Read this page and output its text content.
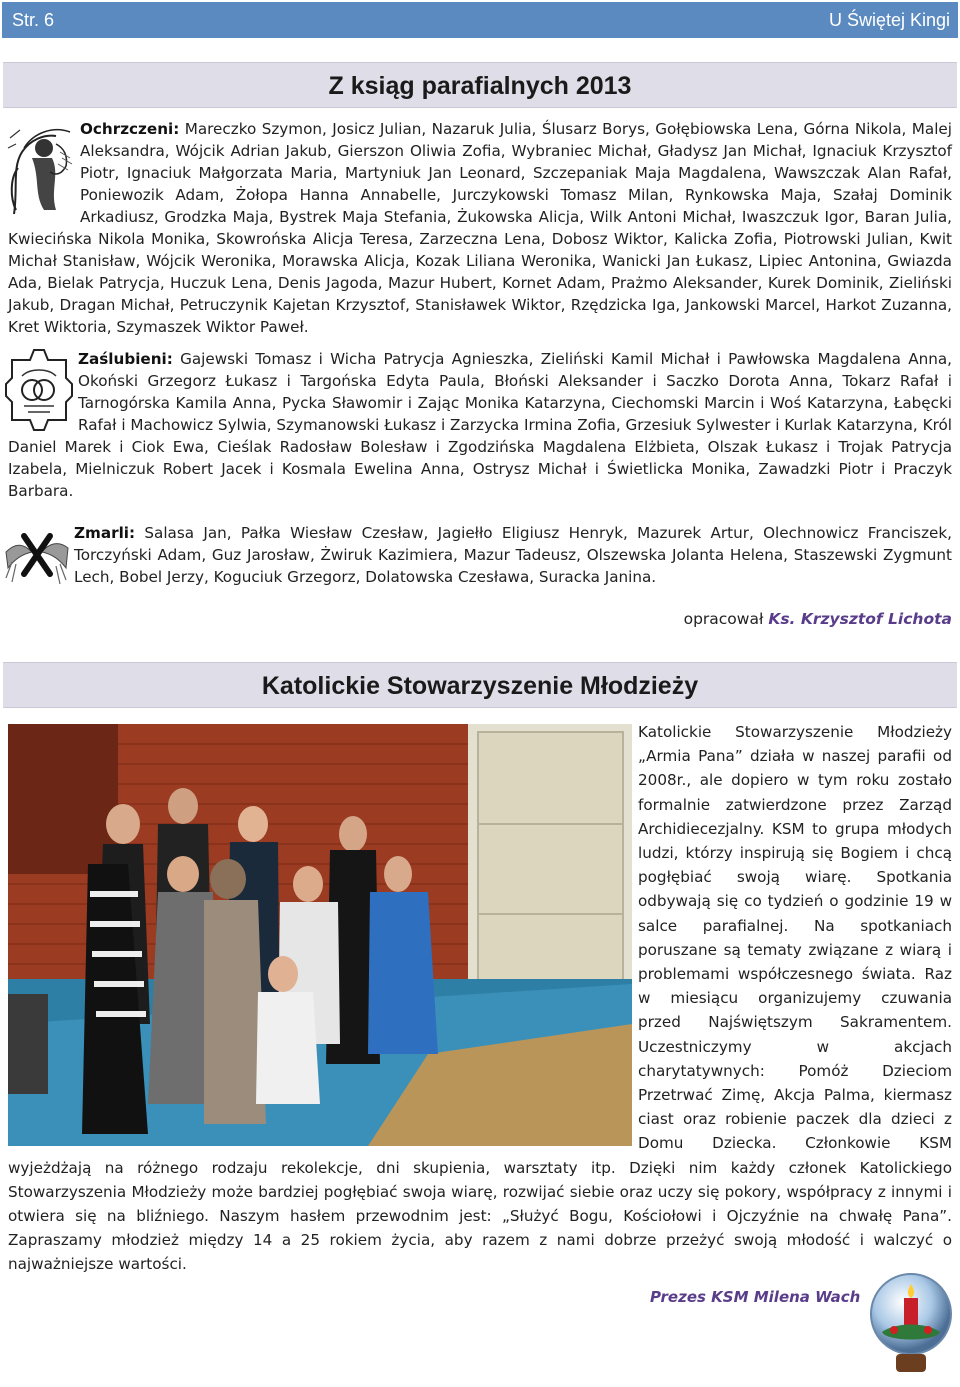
Str. 6	U Świętej Kingi
Z ksiąg parafialnych 2013
Ochrzczeni: Mareczko Szymon, Josicz Julian, Nazaruk Julia, Ślusarz Borys, Gołębiowska Lena, Górna Nikola, Malej Aleksandra, Wójcik Adrian Jakub, Gierszon Oliwia Zofia, Wybraniec Michał, Gładysz Jan Michał, Ignaciuk Krzysztof Piotr, Ignaciuk Małgorzata Maria, Martyniuk Jan Leonard, Szczepaniak Maja Magdalena, Wawszczak Alan Rafał, Poniewozik Adam, Żołopa Hanna Annabelle, Jurczykowski Tomasz Milan, Rynkowska Maja, Szałaj Dominik Arkadiusz, Grodzka Maja, Bystrek Maja Stefania, Żukowska Alicja, Wilk Antoni Michał, Iwaszczuk Igor, Baran Julia, Kwiecińska Nikola Monika, Skowrońska Alicja Teresa, Zarzeczna Lena, Dobosz Wiktor, Kalicka Zofia, Piotrowski Julian, Kwit Michał Stanisław, Wójcik Weronika, Morawska Alicja, Kozak Liliana Weronika, Wanicki Jan Łukasz, Lipiec Antonina, Gwiazda Ada, Bielak Patrycja, Huczuk Lena, Denis Jagoda, Mazur Hubert, Kornet Adam, Prażmo Aleksander, Kurek Dominik, Zieliński Jakub, Dragan Michał, Petruczynik Kajetan Krzysztof, Stanisławek Wiktor, Rzędzicka Iga, Jankowski Marcel, Harkot Zuzanna, Kret Wiktoria, Szymaszek Wiktor Paweł.
Zaślubieni: Gajewski Tomasz i Wicha Patrycja Agnieszka, Zieliński Kamil Michał i Pawłowska Magdalena Anna, Okoński Grzegorz Łukasz i Targońska Edyta Paula, Błoński Aleksander i Saczko Dorota Anna, Tokarz Rafał i Tarnogórska Kamila Anna, Pycka Sławomir i Zając Monika Katarzyna, Ciechomski Marcin i Woś Katarzyna, Łabęcki Rafał i Machowicz Sylwia, Szymanowski Łukasz i Zarzycka Irmina Zofia, Grzesiuk Sylwester i Kurlak Katarzyna, Król Daniel Marek i Ciok Ewa, Cieślak Radosław Bolesław i Zgodzińska Magdalena Elżbieta, Olszak Łukasz i Trojak Patrycja Izabela, Mielniczuk Robert Jacek i Kosmala Ewelina Anna, Ostrysz Michał i Świetlicka Monika, Zawadzki Piotr i Praczyk Barbara.
Zmarli: Salasa Jan, Pałka Wiesław Czesław, Jagiełło Eligiusz Henryk, Mazurek Artur, Olechnowicz Franciszek, Torczyński Adam, Guz Jarosław, Żwiruk Kazimiera, Mazur Tadeusz, Olszewska Jolanta Helena, Staszewski Zygmunt Lech, Bobel Jerzy, Koguciuk Grzegorz, Dolatowska Czesława, Suracka Janina.
opracował Ks. Krzysztof Lichota
Katolickie Stowarzyszenie Młodzieży
Katolickie Stowarzyszenie Młodzieży „Armia Pana” działa w naszej parafii od 2008r., ale dopiero w tym roku zostało formalnie zatwierdzone przez Zarząd Archidiecezjalny. KSM to grupa młodych ludzi, którzy inspirują się Bogiem i chcą pogłębiać swoją wiarę. Spotkania odbywają się co tydzień o godzinie 19 w salce parafialnej. Na spotkaniach poruszane są tematy związane z wiarą i problemami współczesnego świata. Raz w miesiącu organizujemy czuwania przed Najświętszym Sakramentem. Uczestniczymy w akcjach charytatywnych: Pomóż Dzieciom Przetrwać Zimę, Akcja Palma, kiermasz ciast oraz robienie paczek dla dzieci z Domu Dziecka. Członkowie KSM wyjeżdżają na różnego rodzaju rekolekcje, dni skupienia, warsztaty itp. Dzięki nim każdy członek Katolickiego Stowarzyszenia Młodzieży może bardziej pogłębiać swoja wiarę, rozwijać siebie oraz uczy się pokory, współpracy z innymi i otwiera się na bliźniego. Naszym hasłem przewodnim jest: „Służyć Bogu, Kościołowi i Ojczyźnie na chwałę Pana”. Zapraszamy młodzież między 14 a 25 rokiem życia, aby razem z nami dobrze przeżyć swoją młodość i walczyć o najważniejsze wartości.
Prezes KSM Milena Wach
